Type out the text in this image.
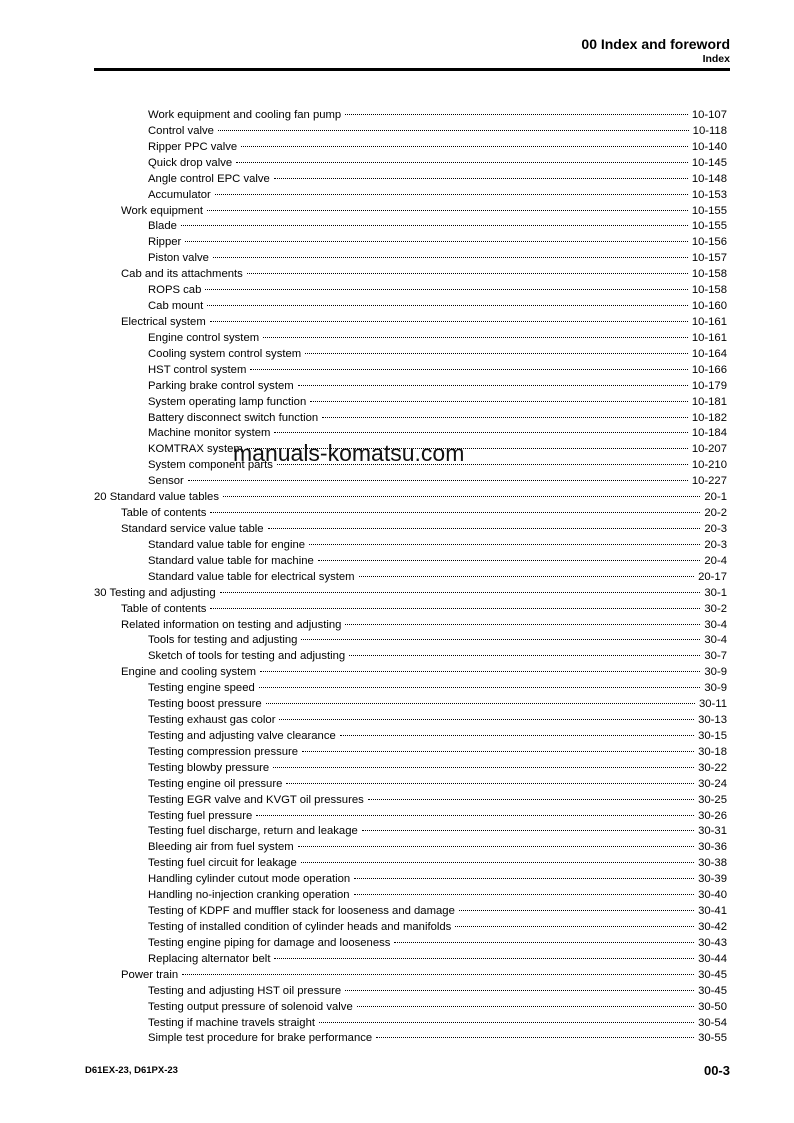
00 Index and foreword
Index
Work equipment and cooling fan pump	10-107
Control valve	10-118
Ripper PPC valve	10-140
Quick drop valve	10-145
Angle control EPC valve	10-148
Accumulator	10-153
Work equipment	10-155
Blade	10-155
Ripper	10-156
Piston valve	10-157
Cab and its attachments	10-158
ROPS cab	10-158
Cab mount	10-160
Electrical system	10-161
Engine control system	10-161
Cooling system control system	10-164
HST control system	10-166
Parking brake control system	10-179
System operating lamp function	10-181
Battery disconnect switch function	10-182
Machine monitor system	10-184
KOMTRAX system	10-207
System component parts	10-210
Sensor	10-227
20 Standard value tables	20-1
Table of contents	20-2
Standard service value table	20-3
Standard value table for engine	20-3
Standard value table for machine	20-4
Standard value table for electrical system	20-17
30 Testing and adjusting	30-1
Table of contents	30-2
Related information on testing and adjusting	30-4
Tools for testing and adjusting	30-4
Sketch of tools for testing and adjusting	30-7
Engine and cooling system	30-9
Testing engine speed	30-9
Testing boost pressure	30-11
Testing exhaust gas color	30-13
Testing and adjusting valve clearance	30-15
Testing compression pressure	30-18
Testing blowby pressure	30-22
Testing engine oil pressure	30-24
Testing EGR valve and KVGT oil pressures	30-25
Testing fuel pressure	30-26
Testing fuel discharge, return and leakage	30-31
Bleeding air from fuel system	30-36
Testing fuel circuit for leakage	30-38
Handling cylinder cutout mode operation	30-39
Handling no-injection cranking operation	30-40
Testing of KDPF and muffler stack for looseness and damage	30-41
Testing of installed condition of cylinder heads and manifolds	30-42
Testing engine piping for damage and looseness	30-43
Replacing alternator belt	30-44
Power train	30-45
Testing and adjusting HST oil pressure	30-45
Testing output pressure of solenoid valve	30-50
Testing if machine travels straight	30-54
Simple test procedure for brake performance	30-55
manuals-komatsu.com
D61EX-23, D61PX-23	00-3
